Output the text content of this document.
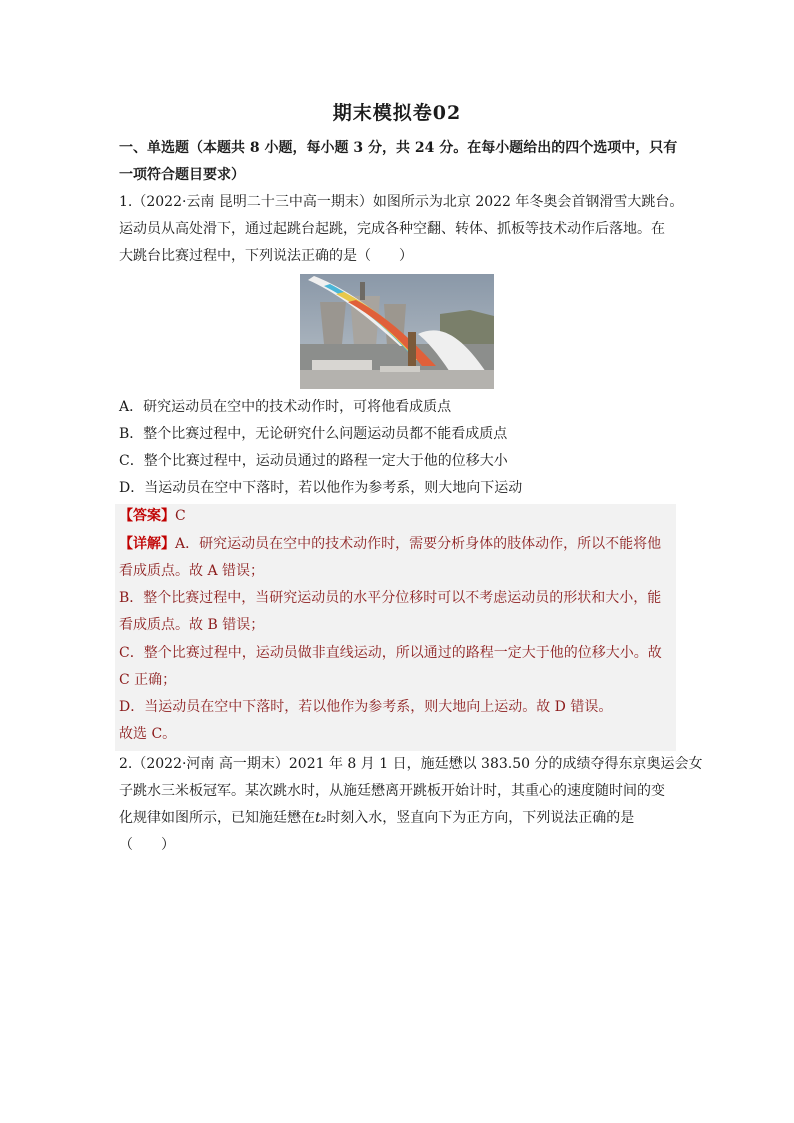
期末模拟卷02
一、单选题（本题共 8 小题，每小题 3 分，共 24 分。在每小题给出的四个选项中，只有
一项符合题目要求）
1.（2022·云南 昆明二十三中高一期末）如图所示为北京 2022 年冬奥会首钢滑雪大跳台。
运动员从高处滑下，通过起跳台起跳，完成各种空翻、转体、抓板等技术动作后落地。在
大跳台比赛过程中，下列说法正确的是（　　）
A．研究运动员在空中的技术动作时，可将他看成质点
B．整个比赛过程中，无论研究什么问题运动员都不能看成质点
C．整个比赛过程中，运动员通过的路程一定大于他的位移大小
D．当运动员在空中下落时，若以他作为参考系，则大地向下运动
【答案】C
【详解】A．研究运动员在空中的技术动作时，需要分析身体的肢体动作，所以不能将他
看成质点。故 A 错误；
B．整个比赛过程中，当研究运动员的水平分位移时可以不考虑运动员的形状和大小，能
看成质点。故 B 错误；
C．整个比赛过程中，运动员做非直线运动，所以通过的路程一定大于他的位移大小。故
C 正确；
D．当运动员在空中下落时，若以他作为参考系，则大地向上运动。故 D 错误。
故选 C。
2.（2022·河南 高一期末）2021 年 8 月 1 日，施廷懋以 383.50 分的成绩夺得东京奥运会女
子跳水三米板冠军。某次跳水时，从施廷懋离开跳板开始计时，其重心的速度随时间的变
化规律如图所示，已知施廷懋在t₂时刻入水，竖直向下为正方向，下列说法正确的是
（　　）
